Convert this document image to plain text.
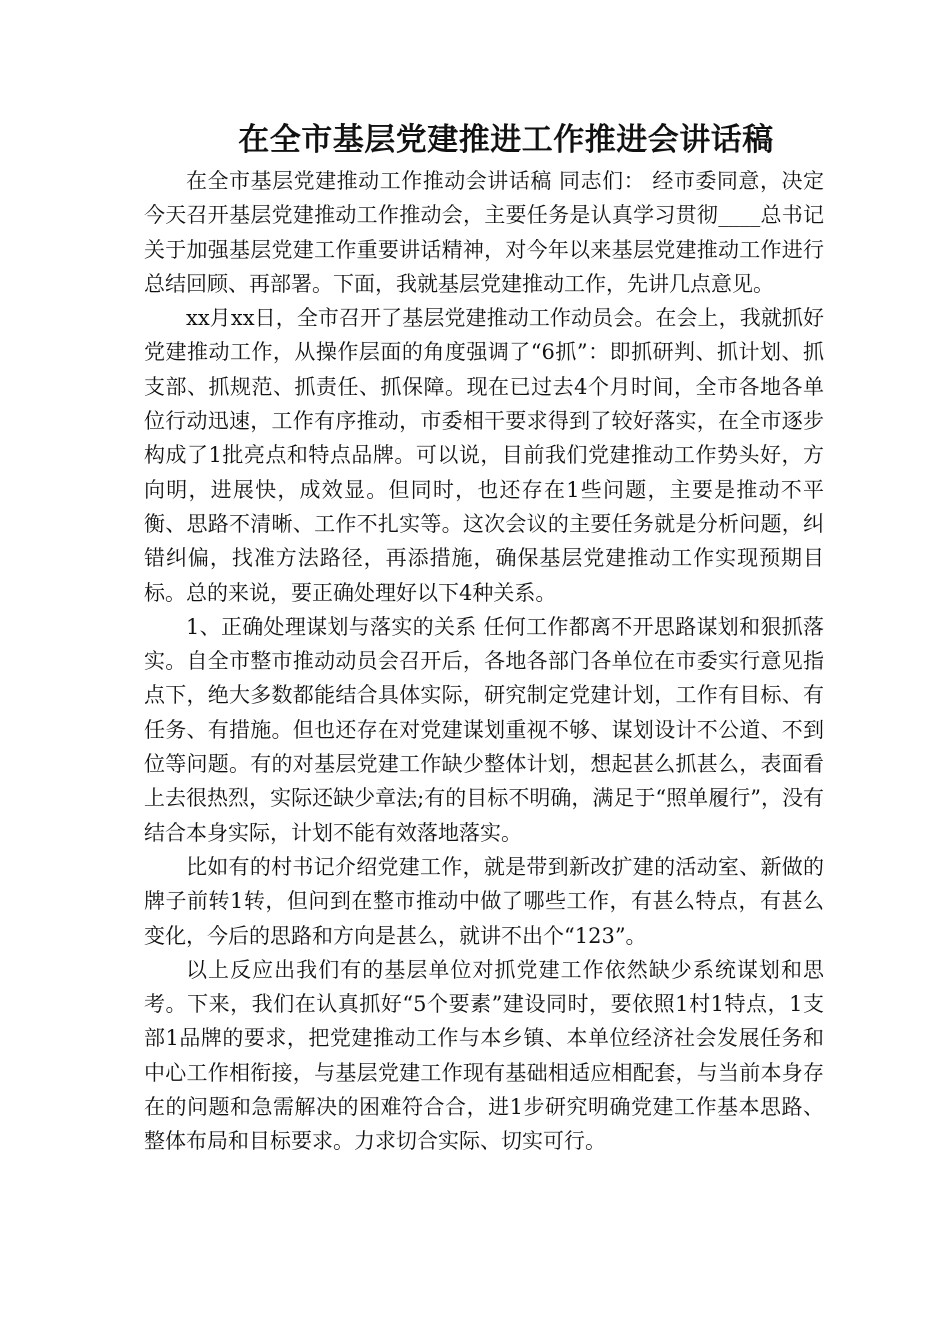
在全市基层党建推进工作推进会讲话稿

在全市基层党建推动工作推动会讲话稿 同志们： 经市委同意，决定今天召开基层党建推动工作推动会，主要任务是认真学习贯彻____总书记关于加强基层党建工作重要讲话精神，对今年以来基层党建推动工作进行总结回顾、再部署。下面，我就基层党建推动工作，先讲几点意见。

xx月xx日，全市召开了基层党建推动工作动员会。在会上，我就抓好党建推动工作，从操作层面的角度强调了“6抓”：即抓研判、抓计划、抓支部、抓规范、抓责任、抓保障。现在已过去4个月时间，全市各地各单位行动迅速，工作有序推动，市委相干要求得到了较好落实，在全市逐步构成了1批亮点和特点品牌。可以说，目前我们党建推动工作势头好，方向明，进展快，成效显。但同时，也还存在1些问题，主要是推动不平衡、思路不清晰、工作不扎实等。这次会议的主要任务就是分析问题，纠错纠偏，找准方法路径，再添措施，确保基层党建推动工作实现预期目标。总的来说，要正确处理好以下4种关系。

1、正确处理谋划与落实的关系 任何工作都离不开思路谋划和狠抓落实。自全市整市推动动员会召开后，各地各部门各单位在市委实行意见指点下，绝大多数都能结合具体实际，研究制定党建计划，工作有目标、有任务、有措施。但也还存在对党建谋划重视不够、谋划设计不公道、不到位等问题。有的对基层党建工作缺少整体计划，想起甚么抓甚么，表面看上去很热烈，实际还缺少章法;有的目标不明确，满足于“照单履行”，没有结合本身实际，计划不能有效落地落实。

比如有的村书记介绍党建工作，就是带到新改扩建的活动室、新做的牌子前转1转，但问到在整市推动中做了哪些工作，有甚么特点，有甚么变化，今后的思路和方向是甚么，就讲不出个“123”。

以上反应出我们有的基层单位对抓党建工作依然缺少系统谋划和思考。下来，我们在认真抓好“5个要素”建设同时，要依照1村1特点，1支部1品牌的要求，把党建推动工作与本乡镇、本单位经济社会发展任务和中心工作相衔接，与基层党建工作现有基础相适应相配套，与当前本身存在的问题和急需解决的困难符合合，进1步研究明确党建工作基本思路、整体布局和目标要求。力求切合实际、切实可行。
